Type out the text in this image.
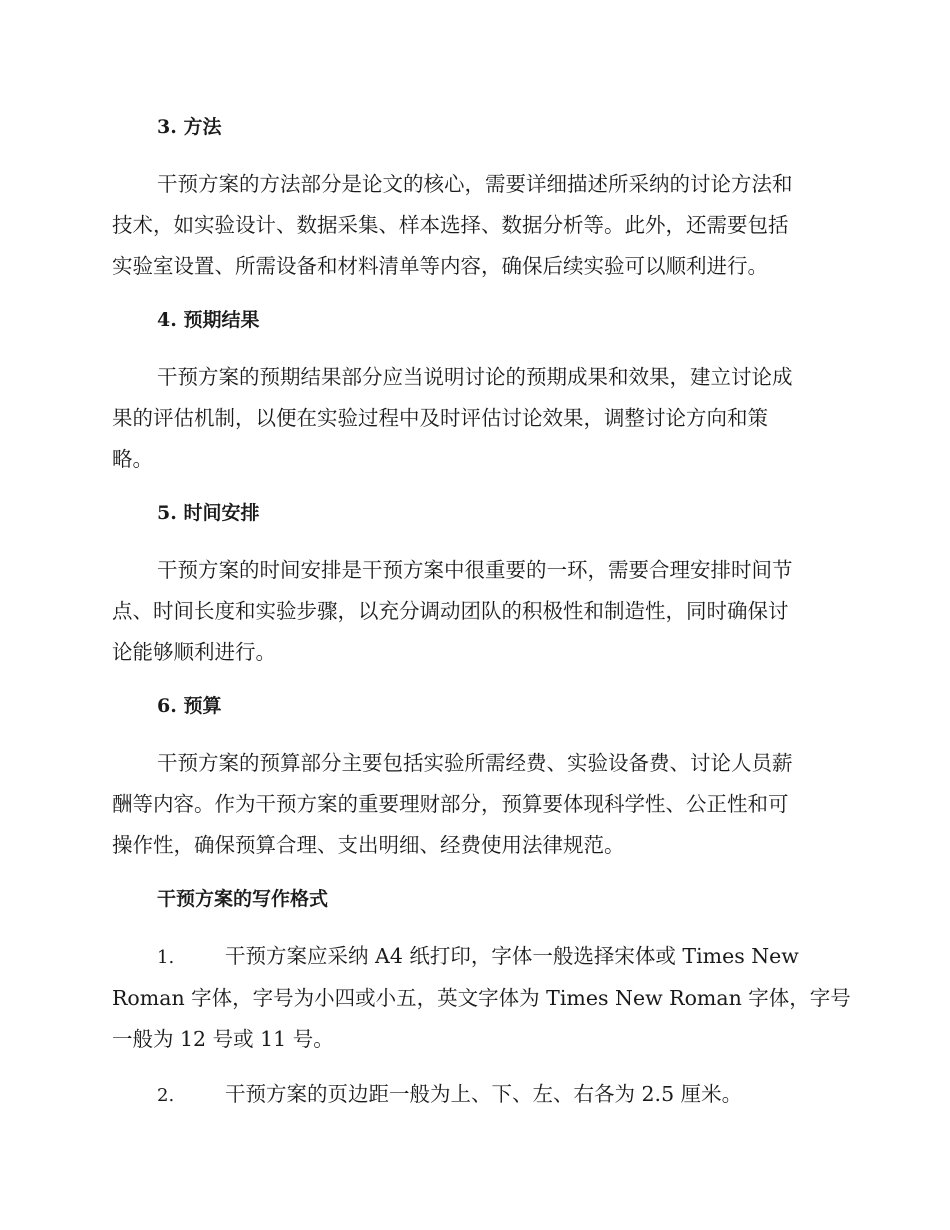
3. 方法
干预方案的方法部分是论文的核心，需要详细描述所采纳的讨论方法和
技术，如实验设计、数据采集、样本选择、数据分析等。此外，还需要包括
实验室设置、所需设备和材料清单等内容，确保后续实验可以顺利进行。
4. 预期结果
干预方案的预期结果部分应当说明讨论的预期成果和效果，建立讨论成
果的评估机制，以便在实验过程中及时评估讨论效果，调整讨论方向和策
略。
5. 时间安排
干预方案的时间安排是干预方案中很重要的一环，需要合理安排时间节
点、时间长度和实验步骤，以充分调动团队的积极性和制造性，同时确保讨
论能够顺利进行。
6. 预算
干预方案的预算部分主要包括实验所需经费、实验设备费、讨论人员薪
酬等内容。作为干预方案的重要理财部分，预算要体现科学性、公正性和可
操作性，确保预算合理、支出明细、经费使用法律规范。
干预方案的写作格式
1. 干预方案应采纳 A4 纸打印，字体一般选择宋体或 Times New
Roman 字体，字号为小四或小五，英文字体为 Times New Roman 字体，字号
一般为 12 号或 11 号。
2. 干预方案的页边距一般为上、下、左、右各为 2.5 厘米。
